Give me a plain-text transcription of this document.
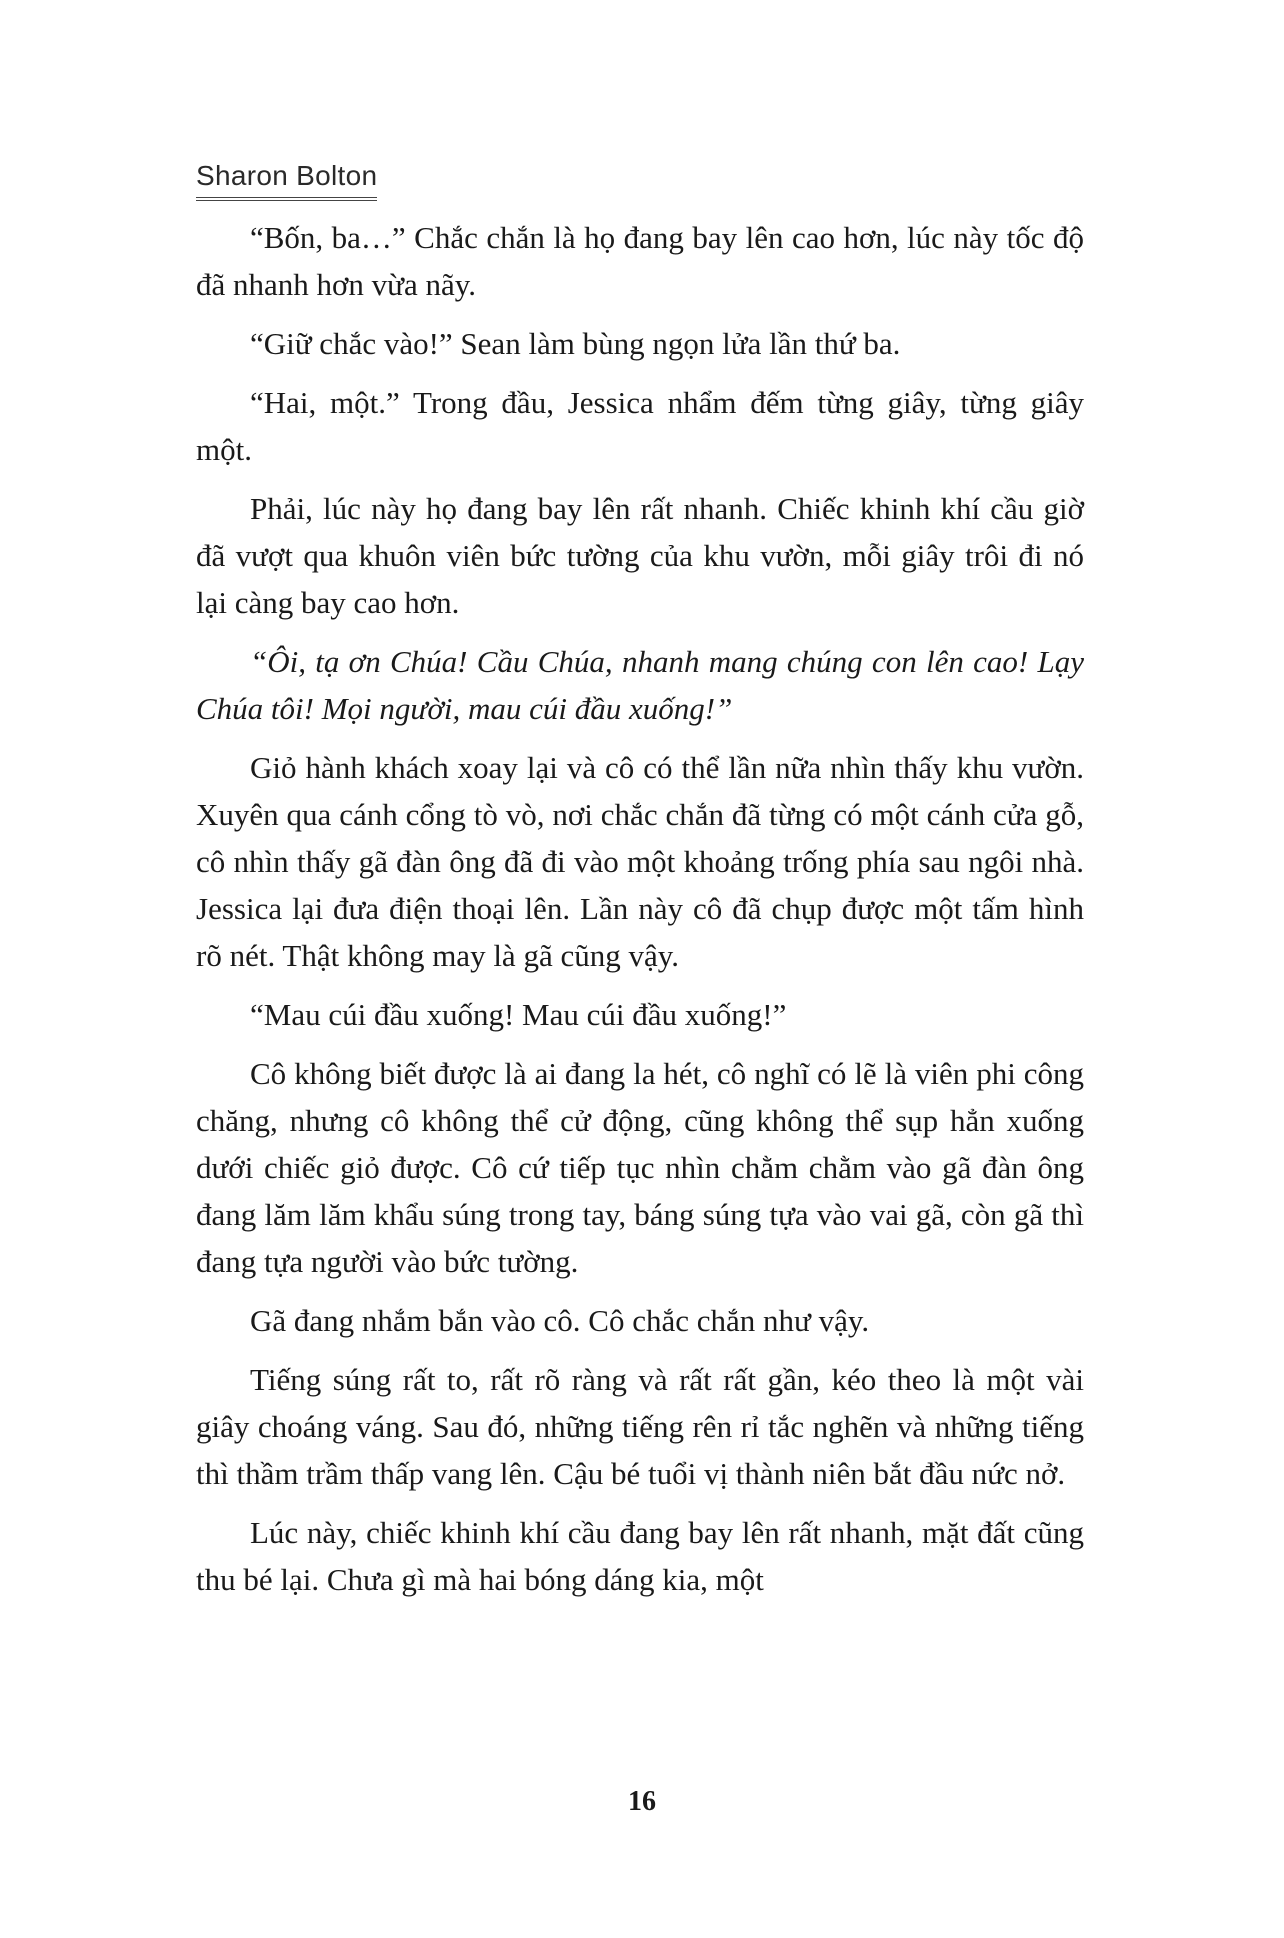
Sharon Bolton

“Bốn, ba…” Chắc chắn là họ đang bay lên cao hơn, lúc này tốc độ đã nhanh hơn vừa nãy.

“Giữ chắc vào!” Sean làm bùng ngọn lửa lần thứ ba.

“Hai, một.” Trong đầu, Jessica nhẩm đếm từng giây, từng giây một.

Phải, lúc này họ đang bay lên rất nhanh. Chiếc khinh khí cầu giờ đã vượt qua khuôn viên bức tường của khu vườn, mỗi giây trôi đi nó lại càng bay cao hơn.

“Ôi, tạ ơn Chúa! Cầu Chúa, nhanh mang chúng con lên cao! Lạy Chúa tôi! Mọi người, mau cúi đầu xuống!”

Giỏ hành khách xoay lại và cô có thể lần nữa nhìn thấy khu vườn. Xuyên qua cánh cổng tò vò, nơi chắc chắn đã từng có một cánh cửa gỗ, cô nhìn thấy gã đàn ông đã đi vào một khoảng trống phía sau ngôi nhà. Jessica lại đưa điện thoại lên. Lần này cô đã chụp được một tấm hình rõ nét. Thật không may là gã cũng vậy.

“Mau cúi đầu xuống! Mau cúi đầu xuống!”

Cô không biết được là ai đang la hét, cô nghĩ có lẽ là viên phi công chăng, nhưng cô không thể cử động, cũng không thể sụp hẳn xuống dưới chiếc giỏ được. Cô cứ tiếp tục nhìn chằm chằm vào gã đàn ông đang lăm lăm khẩu súng trong tay, báng súng tựa vào vai gã, còn gã thì đang tựa người vào bức tường.

Gã đang nhắm bắn vào cô. Cô chắc chắn như vậy.

Tiếng súng rất to, rất rõ ràng và rất rất gần, kéo theo là một vài giây choáng váng. Sau đó, những tiếng rên rỉ tắc nghẽn và những tiếng thì thầm trầm thấp vang lên. Cậu bé tuổi vị thành niên bắt đầu nức nở.

Lúc này, chiếc khinh khí cầu đang bay lên rất nhanh, mặt đất cũng thu bé lại. Chưa gì mà hai bóng dáng kia, một

16
